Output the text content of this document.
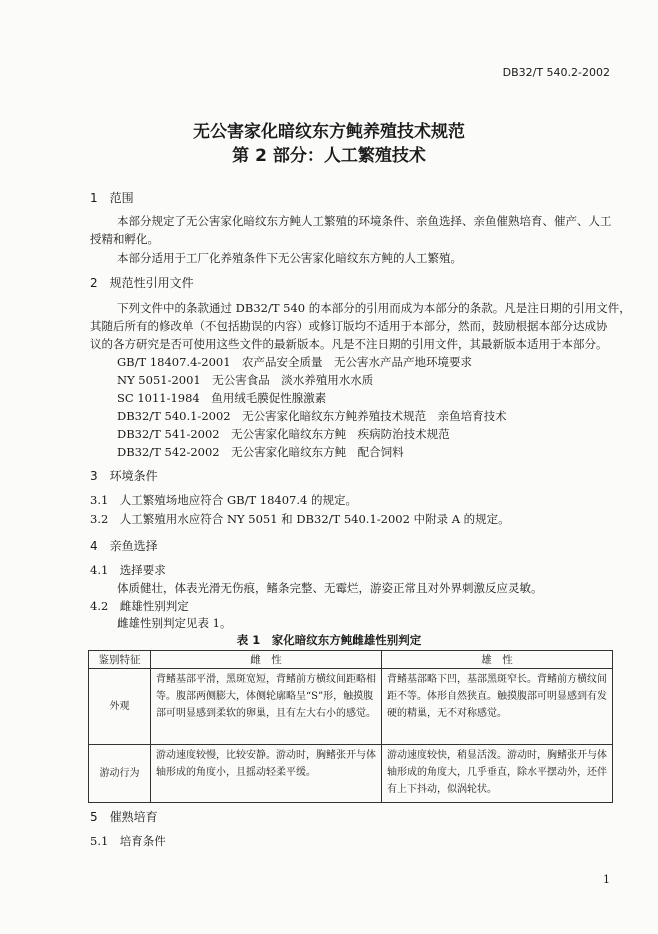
DB32/T 540.2-2002
无公害家化暗纹东方鲀养殖技术规范
第 2 部分：人工繁殖技术
1　范围
本部分规定了无公害家化暗纹东方鲀人工繁殖的环境条件、亲鱼选择、亲鱼催熟培育、催产、人工
授精和孵化。
本部分适用于工厂化养殖条件下无公害家化暗纹东方鲀的人工繁殖。
2　规范性引用文件
下列文件中的条款通过 DB32/T 540 的本部分的引用而成为本部分的条款。凡是注日期的引用文件，
其随后所有的修改单（不包括勘误的内容）或修订版均不适用于本部分，然而，鼓励根据本部分达成协
议的各方研究是否可使用这些文件的最新版本。凡是不注日期的引用文件，其最新版本适用于本部分。
GB/T 18407.4-2001　农产品安全质量　无公害水产品产地环境要求
NY 5051-2001　无公害食品　淡水养殖用水水质
SC 1011-1984　鱼用绒毛膜促性腺激素
DB32/T 540.1-2002　无公害家化暗纹东方鲀养殖技术规范　亲鱼培育技术
DB32/T 541-2002　无公害家化暗纹东方鲀　疾病防治技术规范
DB32/T 542-2002　无公害家化暗纹东方鲀　配合饲料
3　环境条件
3.1　人工繁殖场地应符合 GB/T 18407.4 的规定。
3.2　人工繁殖用水应符合 NY 5051 和 DB32/T 540.1-2002 中附录 A 的规定。
4　亲鱼选择
4.1　选择要求
体质健壮，体表光滑无伤痕，鳍条完整、无霉烂，游姿正常且对外界刺激反应灵敏。
4.2　雌雄性别判定
雌雄性别判定见表 1。
表 1　家化暗纹东方鲀雌雄性别判定
鉴别特征	雌　性	雄　性
外观	背鳍基部平滑，黑斑宽短，背鳍前方横纹间距略相等。腹部两侧膨大，体侧轮廓略呈“S”形，触摸腹部可明显感到柔软的卵巢，且有左大右小的感觉。	背鳍基部略下凹，基部黑斑窄长。背鳍前方横纹间距不等。体形自然狭直。触摸腹部可明显感到有发硬的精巢，无不对称感觉。
游动行为	游动速度较慢，比较安静。游动时，胸鳍张开与体轴形成的角度小，且摇动轻柔平缓。	游动速度较快，稍显活泼。游动时，胸鳍张开与体轴形成的角度大，几乎垂直，除水平摆动外，还伴有上下抖动，似涡轮状。
5　催熟培育
5.1　培育条件
1
